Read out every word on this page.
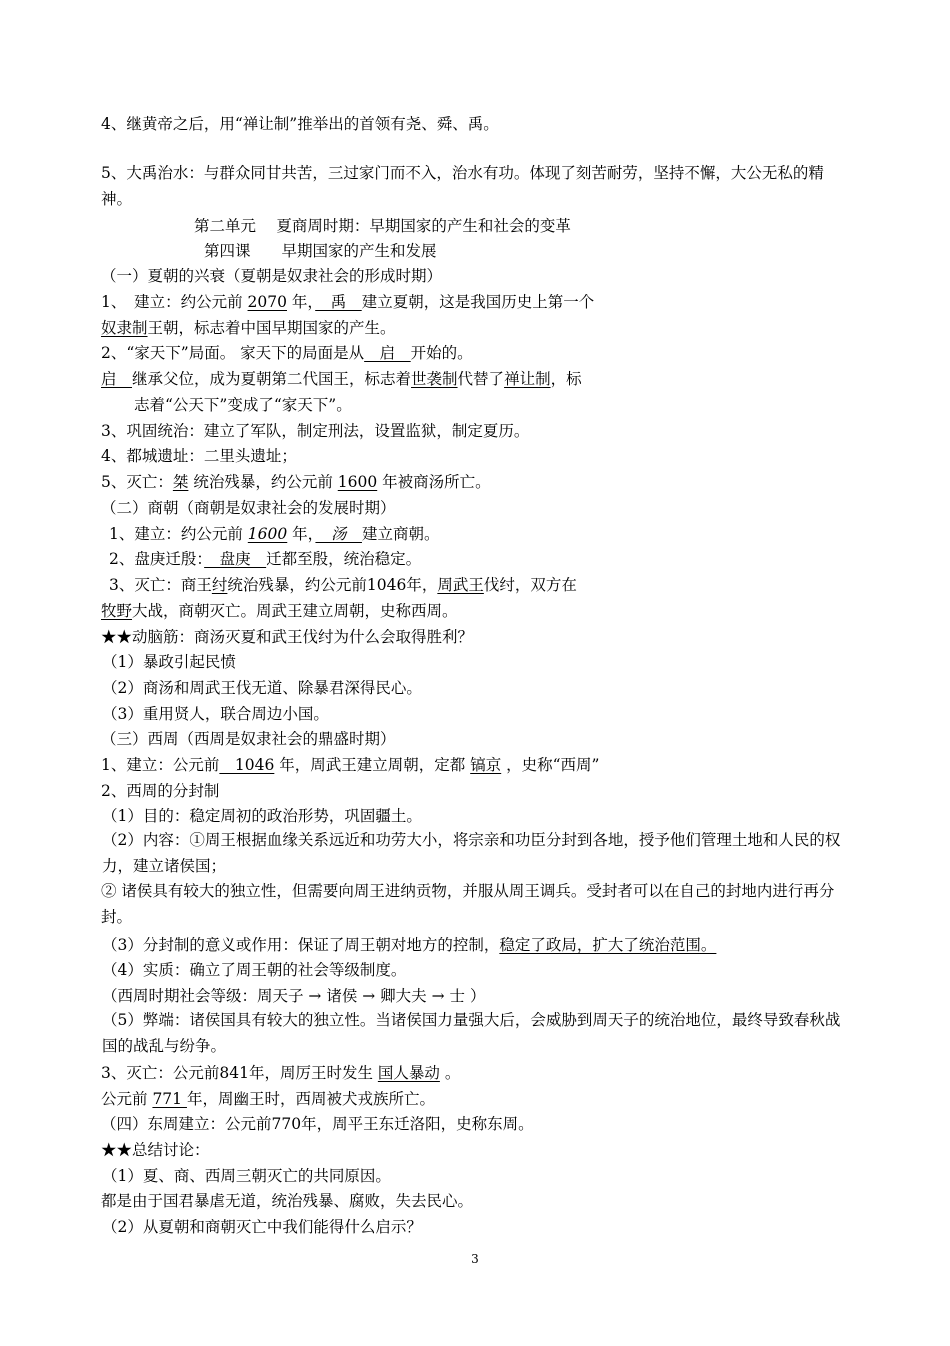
4、继黄帝之后，用“禅让制”推举出的首领有尧、舜、禹。
5、大禹治水：与群众同甘共苦，三过家门而不入，治水有功。体现了刻苦耐劳，坚持不懈，大公无私的精神。
第二单元　 夏商周时期：早期国家的产生和社会的变革
第四课　　早期国家的产生和发展
（一）夏朝的兴衰（夏朝是奴隶社会的形成时期）
1、　建立：约公元前 2070 年，　禹　建立夏朝，这是我国历史上第一个
奴隶制王朝，标志着中国早期国家的产生。
2、“家天下”局面。 家天下的局面是从　启　开始的。
启　继承父位，成为夏朝第二代国王，标志着世袭制代替了禅让制，标
志着“公天下”变成了“家天下”。
3、巩固统治：建立了军队，制定刑法，设置监狱，制定夏历。
4、都城遗址：二里头遗址；
5、灭亡：桀 统治残暴，约公元前 1600 年被商汤所亡。
（二）商朝（商朝是奴隶社会的发展时期）
1、建立：约公元前 1600 年，　汤　建立商朝。
2、盘庚迁殷：　盘庚　迁都至殷，统治稳定。
3、灭亡：商王纣统治残暴，约公元前1046年，周武王伐纣，双方在
牧野大战，商朝灭亡。周武王建立周朝，史称西周。
★★动脑筋：商汤灭夏和武王伐纣为什么会取得胜利？
（1）暴政引起民愤
（2）商汤和周武王伐无道、除暴君深得民心。
（3）重用贤人，联合周边小国。
（三）西周（西周是奴隶社会的鼎盛时期）
1、建立：公元前　1046 年，周武王建立周朝，定都 镐京 ，史称“西周”
2、西周的分封制
（1）目的：稳定周初的政治形势，巩固疆土。
（2）内容：①周王根据血缘关系远近和功劳大小，将宗亲和功臣分封到各地，授予他们管理土地和人民的权力，建立诸侯国；
② 诸侯具有较大的独立性，但需要向周王进纳贡物，并服从周王调兵。受封者可以在自己的封地内进行再分封。
（3）分封制的意义或作用：保证了周王朝对地方的控制，稳定了政局，扩大了统治范围。
（4）实质：确立了周王朝的社会等级制度。
（西周时期社会等级：周天子 → 诸侯 → 卿大夫 → 士 ）
（5）弊端：诸侯国具有较大的独立性。当诸侯国力量强大后，会威胁到周天子的统治地位，最终导致春秋战国的战乱与纷争。
3、灭亡：公元前841年，周厉王时发生 国人暴动 。
公元前 771 年，周幽王时，西周被犬戎族所亡。
（四）东周建立：公元前770年，周平王东迁洛阳，史称东周。
★★总结讨论：
（1）夏、商、西周三朝灭亡的共同原因。
都是由于国君暴虐无道，统治残暴、腐败，失去民心。
（2）从夏朝和商朝灭亡中我们能得什么启示？
3
